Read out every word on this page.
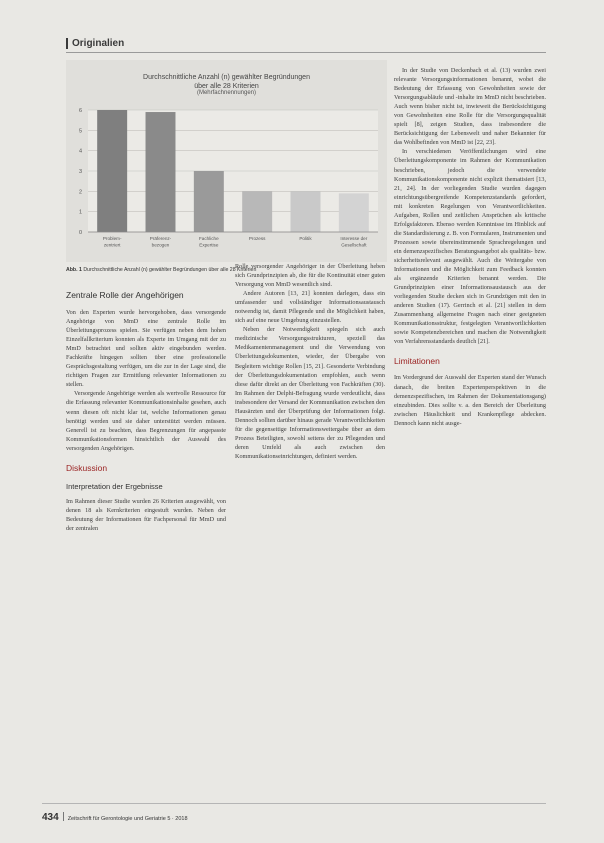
Originalien
0
1
2
3
4
5
6
Problem-
zentriert
Präferenz-
bezogen
Fachliche
Expertise
Prozess	Politik	Interesse der
Gesellschaft
Durchschnittliche Anzahl (n) gewählter Begründungen
über alle 28 Kriterien
(Mehrfachnennungen)
Abb. 1 Durchschnittliche Anzahl (n) gewählter Begründungen über alle 28 Kriterien
Zentrale Rolle der Angehörigen

Von den Experten wurde hervorgehoben, dass versorgende Angehörige von MmD eine zentrale Rolle im Überleitungsprozess spielen. Sie verfügen neben dem hohen Einzelfallkriterium konnten als Experte im Umgang mit der zu MmD betrachtet und sollten aktiv eingebunden werden. Fachkräfte hingegen sollten über eine professionelle Gesprächsgestaltung verfügen, um die zur in der Lage sind, die richtigen Fragen zur Ermittlung relevanter Informationen zu stellen.

Versorgende Angehörige werden als wertvolle Ressource für die Erfassung relevanter Kommunikationsinhalte gesehen, auch wenn diesen oft nicht klar ist, welche Informationen genau benötigt werden und sie daher unterstützt werden müssen. Generell ist zu beachten, dass Begrenzungen für angepasste Kommunikationsformen hinsichtlich der Auswahl des versorgenden Angehörigen.

Diskussion
Interpretation der Ergebnisse

Im Rahmen dieser Studie wurden 26 Kriterien ausgewählt, von denen 18 als Kernkriterien eingestuft wurden. Neben der Bedeutung der Informationen für Fachpersonal für MmD und der zentralen

Rolle versorgender Angehöriger in der Überleitung heben sich Grundprinzipien ab, die für die Kontinuität einer guten Versorgung von MmD wesentlich sind.

Andere Autoren [13, 21] konnten darlegen, dass ein umfassender und vollständiger Informationsaustausch notwendig ist, damit Pflegende und die Möglichkeit haben, sich auf eine neue Umgebung einzustellen.

Neben der Notwendigkeit spiegeln sich auch medizinische Versorgungsstrukturen, speziell das Medikamentenmanagement und die Verwendung von Überleitungsdokumenten, wieder, der Übergabe von Begleitern wichtige Rollen [15, 21]. Gesonderte Verbindung der Überleitungsdokumentation empfohlen, auch wenn diese dafür direkt an der Überleitung von Fachkräften (30). Im Rahmen der Delphi-Befragung wurde verdeutlicht, dass insbesondere der Versand der Kommunikation zwischen den Hausärzten und der Überprüfung der Informationen folgt. Dennoch sollten darüber hinaus gerade Verantwortlichkeiten für die gegenseitige Informationsweitergabe über an dem Prozess Beteiligten, sowohl seitens der zu Pflegenden und deren Umfeld als auch zwischen den Kommunikationseinrichtungen, definiert werden.

In der Studie von Deckenbach et al. (13) wurden zwei relevante Versorgungsinformationen benannt, wobei die Bedeutung der Erfassung von Gewohnheiten sowie der Versorgungsabläufe und -inhalte im MmD nicht beschrieben. Auch wenn bisher nicht ist, inwieweit die Berücksichtigung von Gewohnheiten eine Rolle für die Versorgungsqualität spielt [8], zeigen Studien, dass insbesondere die Berücksichtigung der Lebenswelt und naher Bekannter für das Wohlbefinden von MmD ist [22, 23].

In verschiedenen Veröffentlichungen wird eine Überleitungskomponente im Rahmen der Kommunikation beschrieben, jedoch die verwendete Kommunikationskomponente nicht explizit thematisiert [13, 21, 24]. In der vorliegenden Studie wurden dagegen einrichtungsübergreifende Kompetenzstandards gefordert, mit konkreten Regelungen von Verantwortlichkeiten. Aufgaben, Rollen und zeitlichen Ansprüchen als kritische Erfolgsfaktoren. Ebenso werden Kenntnisse im Hinblick auf die Standardisierung z. B. von Formularen, Instrumenten und Prozessen sowie übereinstimmende Sprachregelungen und ein demenzspezifisches Beratungsangebot als qualitäts- bzw. sicherheitsrelevant ausgewählt. Auch die Weitergabe von Informationen und die Möglichkeit zum Feedback konnten als ergänzende Kriterien benannt werden. Die Grundprinzipien einer Informationsaustausch aus der vorliegenden Studie decken sich in Grundzügen mit den in anderen Studien (17). Gerrinch et al. [21] stellen in dem Zusammenhang allgemeine Fragen nach einer geeigneten Kommunikationsstruktur, festgelegten Verantwortlichkeiten sowie Kompetenzbereichen und machen die Notwendigkeit von Verfahrensstandards deutlich [21].

Limitationen

Im Vordergrund der Auswahl der Experten stand der Wunsch danach, die breiten Expertenperspektiven in die demenzspezifischen, im Rahmen der Dokumentationsgang) einzubinden. Dies sollte v. a. den Bereich der Überleitung zwischen Häuslichkeit und Krankenpflege abdecken. Dennoch kann nicht ausge-

434 Zeitschrift für Gerontologie und Geriatrie 5 · 2018
